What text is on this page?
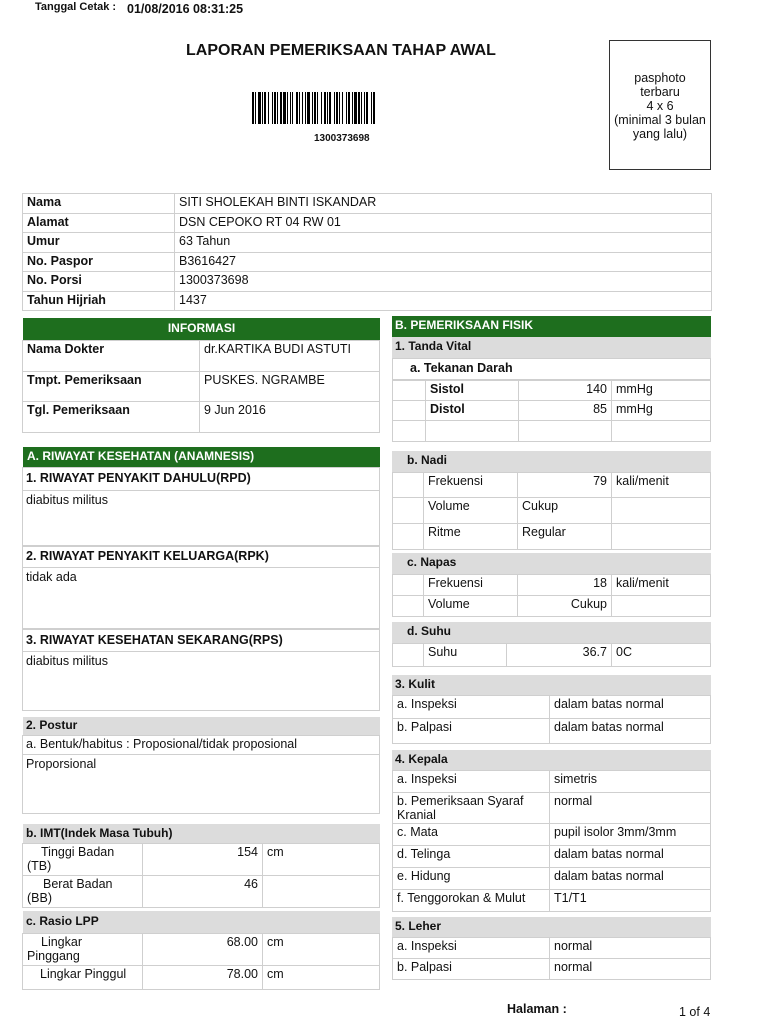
Tanggal Cetak : 01/08/2016 08:31:25
LAPORAN PEMERIKSAAN TAHAP AWAL
1300373698
pasphoto
terbaru
4 x 6
(minimal 3 bulan
yang lalu)
Nama	SITI SHOLEKAH BINTI ISKANDAR
Alamat	DSN CEPOKO RT 04 RW 01
Umur	63 Tahun
No. Paspor	B3616427
No. Porsi	1300373698
Tahun Hijriah	1437
INFORMASI
Nama Dokter	dr.KARTIKA BUDI ASTUTI
Tmpt. Pemeriksaan	PUSKES. NGRAMBE
Tgl. Pemeriksaan	9 Jun 2016
A. RIWAYAT KESEHATAN (ANAMNESIS)
1. RIWAYAT PENYAKIT DAHULU(RPD)
diabitus militus
2. RIWAYAT PENYAKIT KELUARGA(RPK)
tidak ada
3. RIWAYAT KESEHATAN SEKARANG(RPS)
diabitus militus
2. Postur
a. Bentuk/habitus : Proposional/tidak proposional
Proporsional
b. IMT(Indek Masa Tubuh)
Tinggi Badan
(TB)	154	cm
Berat Badan
(BB)	46	
c. Rasio LPP
Lingkar
Pinggang	68.00	cm
Lingkar Pinggul	78.00	cm
B. PEMERIKSAAN FISIK
1. Tanda Vital
a. Tekanan Darah
	Sistol	140	mmHg
	Distol	85	mmHg

b. Nadi
	Frekuensi	79	kali/menit
	Volume	Cukup	
	Ritme	Regular	
c. Napas
	Frekuensi	18	kali/menit
	Volume	Cukup	
d. Suhu
	Suhu	36.7	0C
3. Kulit
a. Inspeksi	dalam batas normal
b. Palpasi	dalam batas normal
4. Kepala
a. Inspeksi	simetris
b. Pemeriksaan Syaraf
Kranial	normal
c. Mata	pupil isolor 3mm/3mm
d. Telinga	dalam batas normal
e. Hidung	dalam batas normal
f. Tenggorokan & Mulut	T1/T1
5. Leher
a. Inspeksi	normal
b. Palpasi	normal
Halaman :	1 of 4
